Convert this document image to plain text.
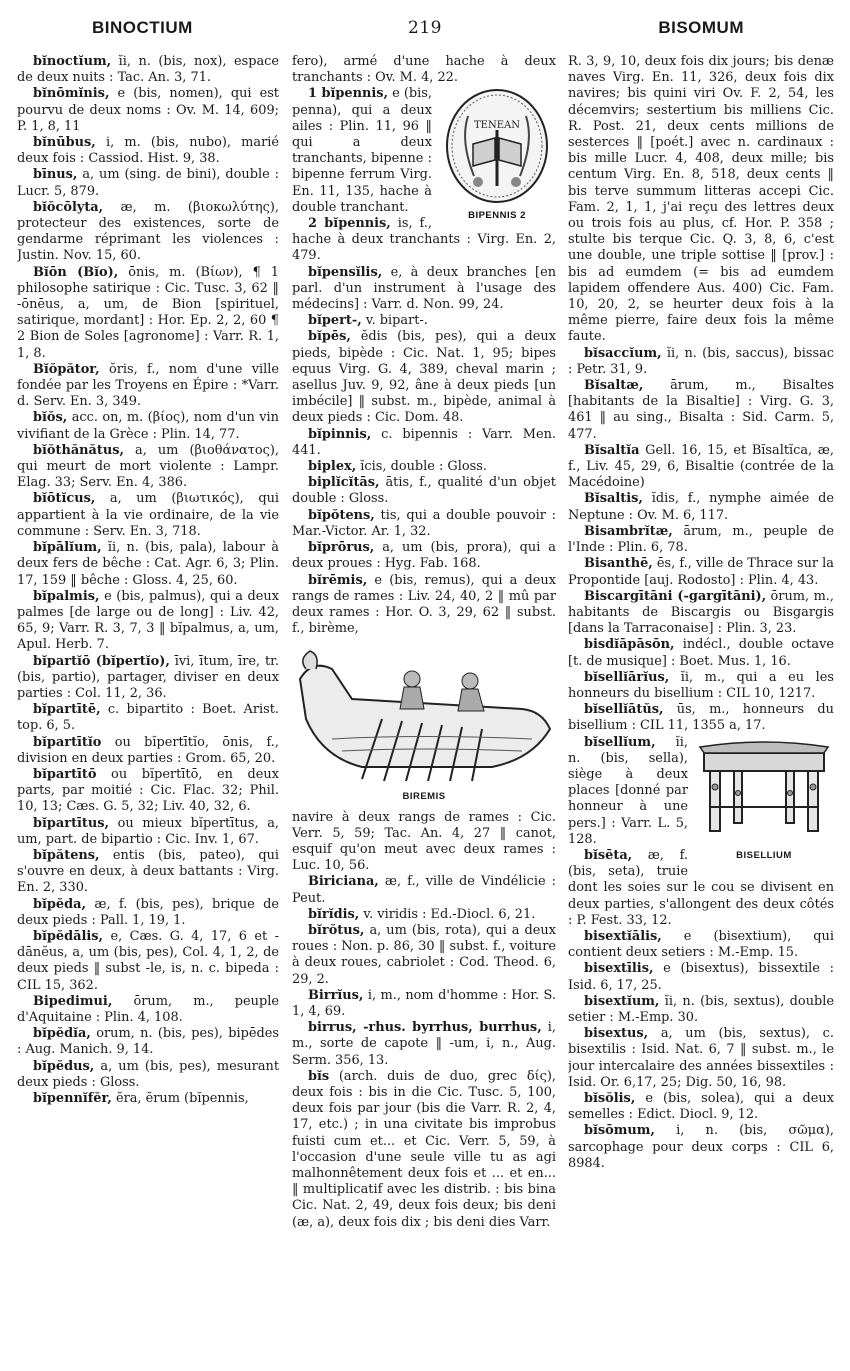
BINOCTIUM	219	BISOMUM
bĭnoctĭum, ĭi, n. (bis, nox), espace de deux nuits : Tac. An. 3, 71.
bĭnōmĭnis, e (bis, nomen), qui est pourvu de deux noms : Ov. M. 14, 609; P. 1, 8, 11
bĭnūbus, i, m. (bis, nubo), marié deux fois : Cassiod. Hist. 9, 38.
bīnus, a, um (sing. de bini), double : Lucr. 5, 879.
bĭŏcōlyta, æ, m. (βιοκωλύτης), protecteur des existences, sorte de gendarme réprimant les violences : Justin. Nov. 15, 60.
Bĭōn (Bĭo), ōnis, m. (Βίων), ¶ 1 philosophe satirique : Cic. Tusc. 3, 62 ‖ -ōnēus, a, um, de Bion [spirituel, satirique, mordant] : Hor. Ep. 2, 2, 60 ¶ 2 Bion de Soles [agronome] : Varr. R. 1, 1, 8.
Bĭŏpător, ŏris, f., nom d'une ville fondée par les Troyens en Épire : *Varr. d. Serv. En. 3, 349.
bĭŏs, acc. on, m. (βίος), nom d'un vin vivifiant de la Grèce : Plin. 14, 77.
bĭŏthănătus, a, um (βιοθάνατος), qui meurt de mort violente : Lampr. Elag. 33; Serv. En. 4, 386.
bĭōtĭcus, a, um (βιωτικός), qui appartient à la vie ordinaire, de la vie commune : Serv. En. 3, 718.
bĭpālĭum, ĭi, n. (bis, pala), labour à deux fers de bêche : Cat. Agr. 6, 3; Plin. 17, 159 ‖ bêche : Gloss. 4, 25, 60.
bĭpalmis, e (bis, palmus), qui a deux palmes [de large ou de long] : Liv. 42, 65, 9; Varr. R. 3, 7, 3 ‖ bĭpalmus, a, um, Apul. Herb. 7.
bĭpartĭō (bĭpertĭo), īvi, ītum, īre, tr. (bis, partio), partager, diviser en deux parties : Col. 11, 2, 36.
bĭpartītē, c. bipartito : Boet. Arist. top. 6, 5.
bĭpartītĭo ou bĭpertītĭo, ōnis, f., division en deux parties : Grom. 65, 20.
bĭpartītō ou bĭpertītō, en deux parts, par moitié : Cic. Flac. 32; Phil. 10, 13; Cæs. G. 5, 32; Liv. 40, 32, 6.
bĭpartītus, ou mieux bĭpertītus, a, um, part. de bipartio : Cic. Inv. 1, 67.
bĭpătens, entis (bis, pateo), qui s'ouvre en deux, à deux battants : Virg. En. 2, 330.
bĭpĕda, æ, f. (bis, pes), brique de deux pieds : Pall. 1, 19, 1.
bĭpĕdālis, e, Cæs. G. 4, 17, 6 et -dānĕus, a, um (bis, pes), Col. 4, 1, 2, de deux pieds ‖ subst -le, is, n. c. bipeda : CIL 15, 362.
Bipedimui, ōrum, m., peuple d'Aquitaine : Plin. 4, 108.
bĭpĕdĭa, orum, n. (bis, pes), bipēdes : Aug. Manich. 9, 14.
bĭpĕdus, a, um (bis, pes), mesurant deux pieds : Gloss.
bĭpennĭfĕr, ĕra, ĕrum (bĭpennis,
fero), armé d'une hache à deux tranchants : Ov. M. 4, 22.
TENEAN
BIPENNIS 2
1 bĭpennis, e (bis, penna), qui a deux ailes : Plin. 11, 96 ‖ qui a deux tranchants, bipenne : bipenne ferrum Virg. En. 11, 135, hache à double tranchant.
2 bĭpennis, is, f., hache à deux tranchants : Virg. En. 2, 479.
bĭpensĭlis, e, à deux branches [en parl. d'un instrument à l'usage des médecins] : Varr. d. Non. 99, 24.
bĭpert-, v. bipart-.
bĭpēs, ĕdis (bis, pes), qui a deux pieds, bipède : Cic. Nat. 1, 95; bipes equus Virg. G. 4, 389, cheval marin ; asellus Juv. 9, 92, âne à deux pieds [un imbécile] ‖ subst. m., bipède, animal à deux pieds : Cic. Dom. 48.
bĭpinnis, c. bipennis : Varr. Men. 441.
biplex, ĭcis, double : Gloss.
biplĭcĭtās, ātis, f., qualité d'un objet double : Gloss.
bĭpŏtens, tis, qui a double pouvoir : Mar.-Victor. Ar. 1, 32.
bĭprōrus, a, um (bis, prora), qui a deux proues : Hyg. Fab. 168.
bĭrēmis, e (bis, remus), qui a deux rangs de rames : Liv. 24, 40, 2 ‖ mû par deux rames : Hor. O. 3, 29, 62 ‖ subst. f., birème,
BIREMIS
navire à deux rangs de rames : Cic. Verr. 5, 59; Tac. An. 4, 27 ‖ canot, esquif qu'on meut avec deux rames : Luc. 10, 56.
Biriciana, æ, f., ville de Vindélicie : Peut.
bĭrĭdis, v. viridis : Ed.-Diocl. 6, 21.
bĭrŏtus, a, um (bis, rota), qui a deux roues : Non. p. 86, 30 ‖ subst. f., voiture à deux roues, cabriolet : Cod. Theod. 6, 29, 2.
Birrĭus, i, m., nom d'homme : Hor. S. 1, 4, 69.
birrus, -rhus. byrrhus, burrhus, i, m., sorte de capote ‖ -um, i, n., Aug. Serm. 356, 13.
bĭs (arch. duis de duo, grec δίς), deux fois : bis in die Cic. Tusc. 5, 100, deux fois par jour (bis die Varr. R. 2, 4, 17, etc.) ; in una civitate bis improbus fuisti cum et... et Cic. Verr. 5, 59, à l'occasion d'une seule ville tu as agi malhonnêtement deux fois et ... et en... ‖ multiplicatif avec les distrib. : bis bina Cic. Nat. 2, 49, deux fois deux; bis deni (æ, a), deux fois dix ; bis deni dies Varr.
R. 3, 9, 10, deux fois dix jours; bis denæ naves Virg. En. 11, 326, deux fois dix navires; bis quini viri Ov. F. 2, 54, les décemvirs; sestertium bis milliens Cic. R. Post. 21, deux cents millions de sesterces ‖ [poét.] avec n. cardinaux : bis mille Lucr. 4, 408, deux mille; bis centum Virg. En. 8, 518, deux cents ‖ bis terve summum litteras accepi Cic. Fam. 2, 1, 1, j'ai reçu des lettres deux ou trois fois au plus, cf. Hor. P. 358 ; stulte bis terque Cic. Q. 3, 8, 6, c'est une double, une triple sottise ‖ [prov.] : bis ad eumdem (= bis ad eumdem lapidem offendere Aus. 400) Cic. Fam. 10, 20, 2, se heurter deux fois à la même pierre, faire deux fois la même faute.
bĭsaccĭum, ĭi, n. (bis, saccus), bissac : Petr. 31, 9.
Bĭsaltæ, ārum, m., Bisaltes [habitants de la Bisaltie] : Virg. G. 3, 461 ‖ au sing., Bisalta : Sid. Carm. 5, 477.
Bĭsaltĭa Gell. 16, 15, et Bĭsaltĭca, æ, f., Liv. 45, 29, 6, Bisaltie (contrée de la Macédoine)
Bĭsaltis, ĭdis, f., nymphe aimée de Neptune : Ov. M. 6, 117.
Bisambrĭtæ, ārum, m., peuple de l'Inde : Plin. 6, 78.
Bisanthē, ēs, f., ville de Thrace sur la Propontide [auj. Rodosto] : Plin. 4, 43.
Biscargītāni (-gargītāni), ōrum, m., habitants de Biscargis ou Bisgargis [dans la Tarraconaise] : Plin. 3, 23.
bisdĭāpāsōn, indécl., double octave [t. de musique] : Boet. Mus. 1, 16.
bĭsellĭārĭus, ĭi, m., qui a eu les honneurs du bisellium : CIL 10, 1217.
bĭsellĭātŭs, ūs, m., honneurs du bisellium : CIL 11, 1355 a, 17.
BISELLIUM
bĭsellĭum, ĭi, n. (bis, sella), siège à deux places [donné par honneur à une pers.] : Varr. L. 5, 128.
bĭsēta, æ, f. (bis, seta), truie dont les soies sur le cou se divisent en deux parties, s'allongent des deux côtés : P. Fest. 33, 12.
bisextĭālis, e (bisextium), qui contient deux setiers : M.-Emp. 15.
bisextīlis, e (bisextus), bissextile : Isid. 6, 17, 25.
bisextĭum, ĭi, n. (bis, sextus), double setier : M.-Emp. 30.
bisextus, a, um (bis, sextus), c. bisextilis : Isid. Nat. 6, 7 ‖ subst. m., le jour intercalaire des années bissextiles : Isid. Or. 6,17, 25; Dig. 50, 16, 98.
bĭsŏlis, e (bis, solea), qui a deux semelles : Edict. Diocl. 9, 12.
bĭsōmum, i, n. (bis, σῶμα), sarcophage pour deux corps : CIL 6, 8984.
